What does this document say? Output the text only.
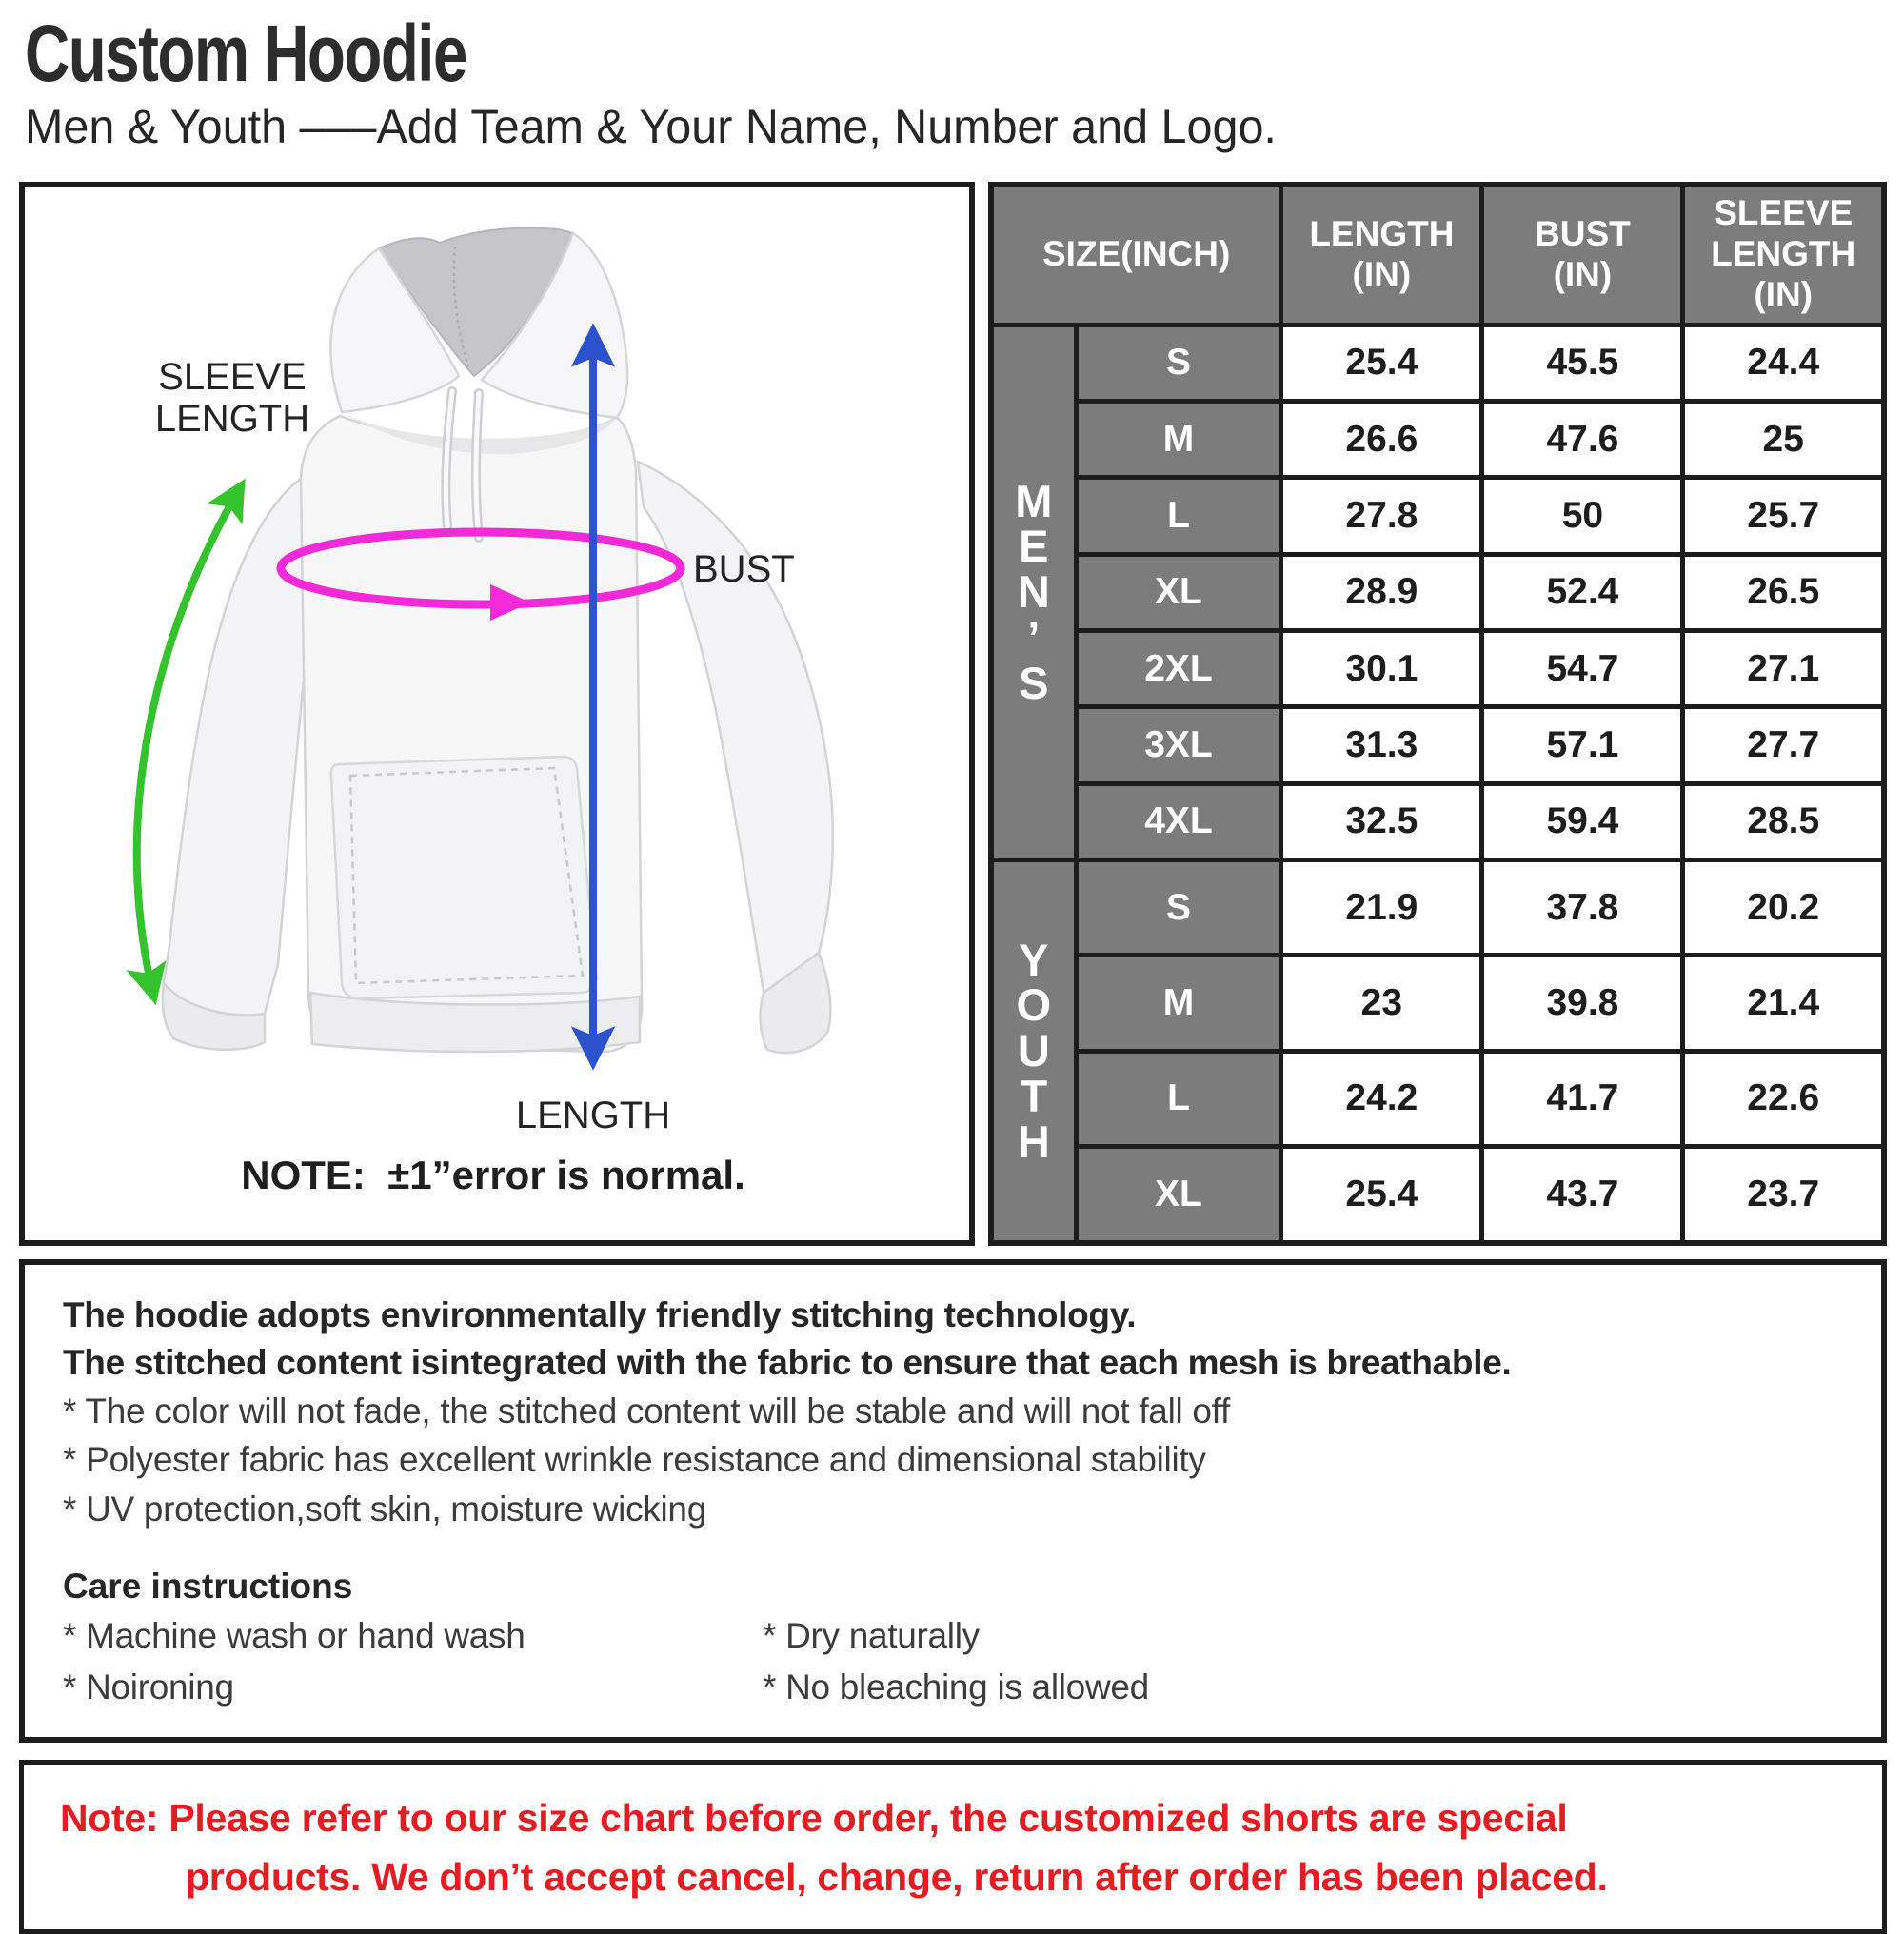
Custom Hoodie

Men & Youth –––Add Team & Your Name, Number and Logo.

SLEEVE
LENGTH
BUST
LENGTH
NOTE:  ±1”error is normal.
SIZE(INCH)	
LENGTH
(IN)

BUST
(IN)

SLEEVE
LENGTH
(IN)

M
E
N
’
S	S	25.4	45.5	24.4
	M	26.6	47.6	25
	L	27.8	50	25.7
	XL	28.9	52.4	26.5
	2XL	30.1	54.7	27.1
	3XL	31.3	57.1	27.7
	4XL	32.5	59.4	28.5

Y
O
U
T
H	S	21.9	37.8	20.2
	M	23	39.8	21.4
	L	24.2	41.7	22.6
	XL	25.4	43.7	23.7

The hoodie adopts environmentally friendly stitching technology.

The stitched content isintegrated with the fabric to ensure that each mesh is breathable.

* The color will not fade, the stitched content will be stable and will not fall off

* Polyester fabric has excellent wrinkle resistance and dimensional stability

* UV protection,soft skin, moisture wicking

Care instructions

* Machine wash or hand wash	* Dry naturally
* Noironing	* No bleaching is allowed
Note: Please refer to our size chart before order, the customized shorts are special
products. We don’t accept cancel, change, return after order has been placed.
